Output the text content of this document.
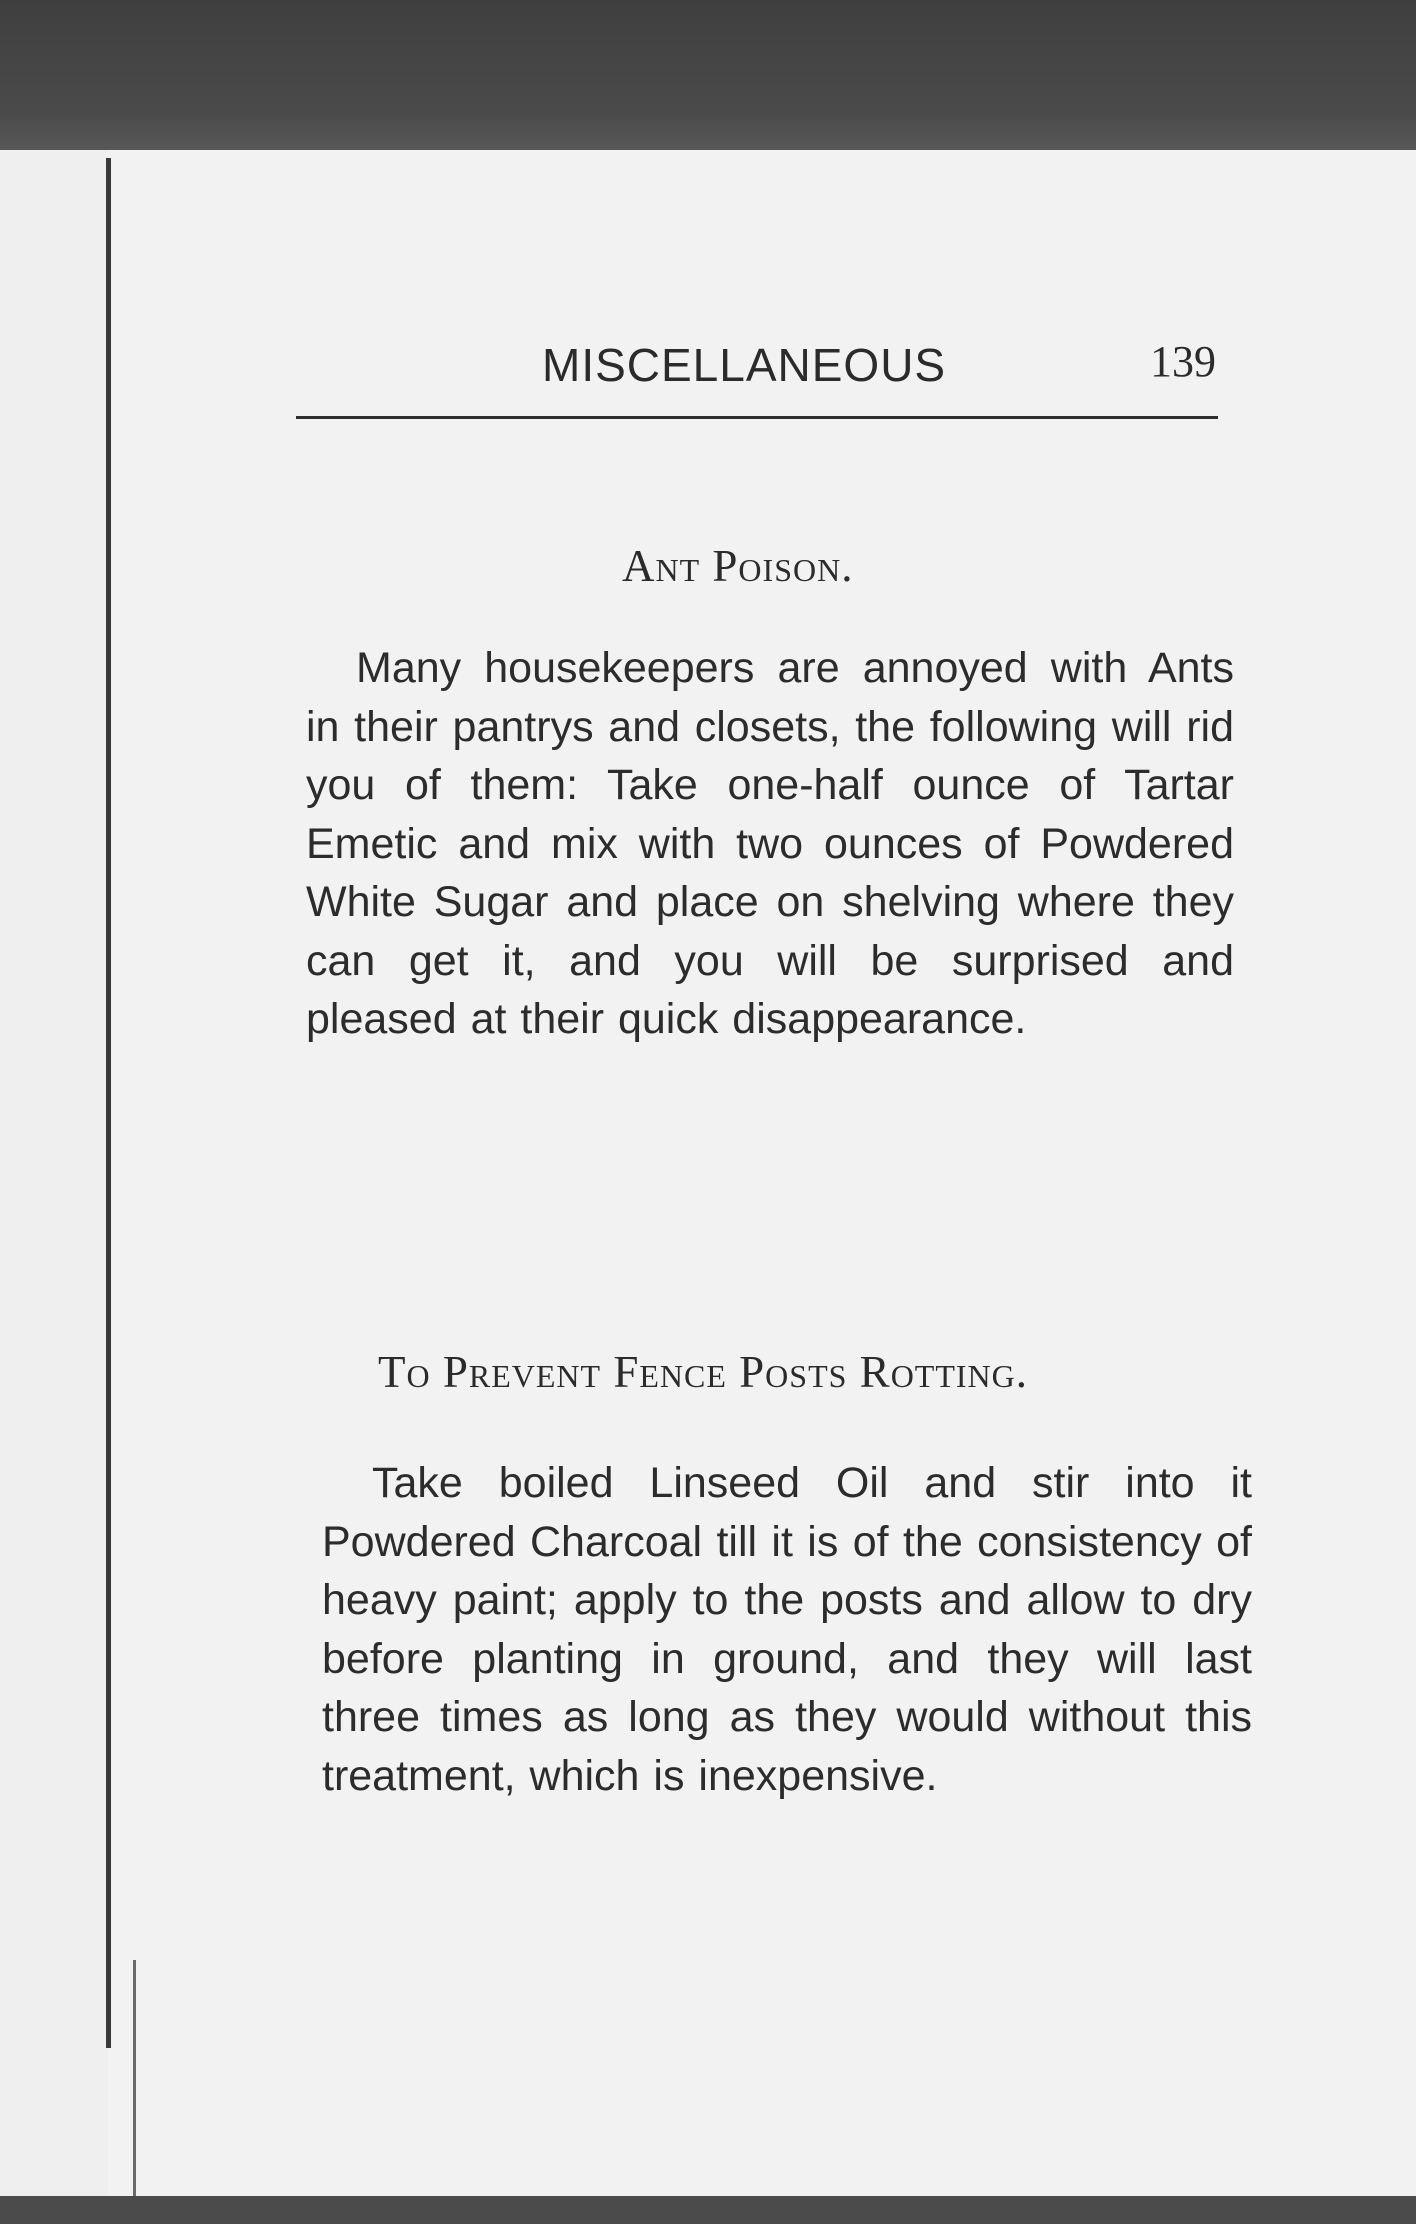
MISCELLANEOUS	139
Ant Poison.
Many housekeepers are annoyed with Ants in their pantrys and closets, the following will rid you of them: Take one-half ounce of Tartar Emetic and mix with two ounces of Powdered White Sugar and place on shelving where they can get it, and you will be surprised and pleased at their quick disappearance.
To Prevent Fence Posts Rotting.
Take boiled Linseed Oil and stir into it Powdered Charcoal till it is of the consistency of heavy paint; apply to the posts and allow to dry before planting in ground, and they will last three times as long as they would without this treatment, which is inexpensive.
